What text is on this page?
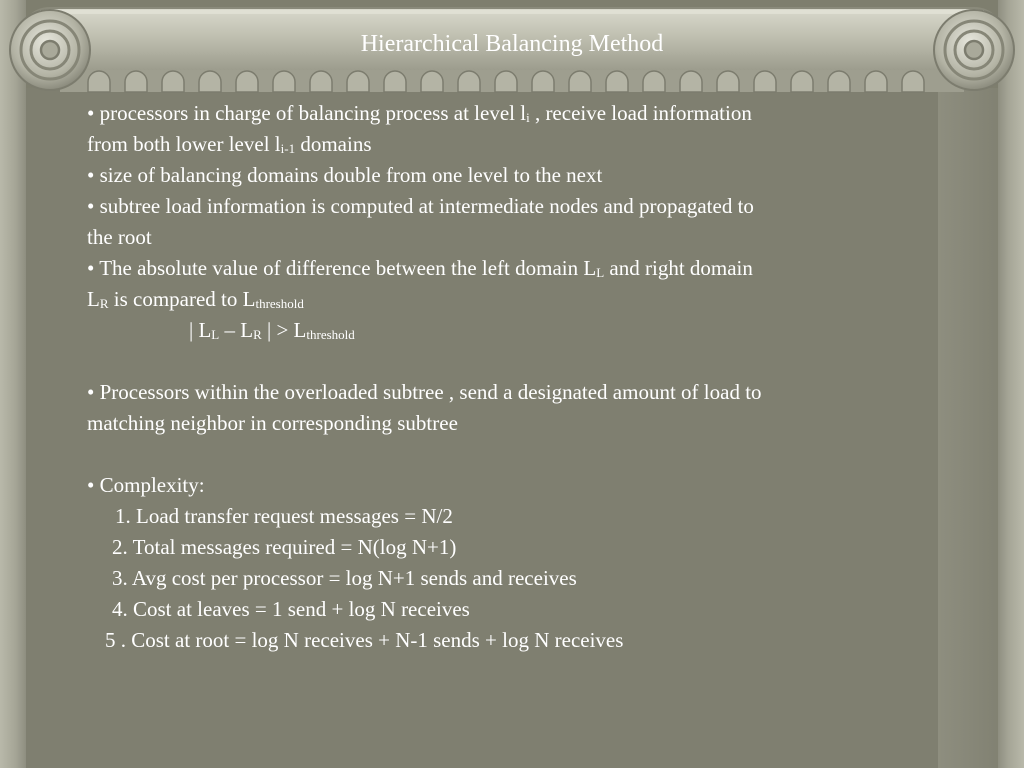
Hierarchical Balancing Method
• processors in charge of balancing process at level $l_i$ , receive load information
from both lower level $l_{i-1}$ domains
• size of balancing domains double from one level to the next
• subtree load information is computed at intermediate nodes and propagated to
the root
• The absolute value of difference between the left domain $L_L$ and right domain
$L_R$ is compared to $L_{threshold}$
| $L_L - L_R$ | > $L_{threshold}$
• Processors within the overloaded subtree , send a designated amount of load to
matching neighbor in corresponding subtree
• Complexity:
1. Load transfer request messages = N/2
2. Total messages required = N(log N+1)
3. Avg cost per processor = log N+1 sends and receives
4. Cost at leaves = 1 send + log N receives
5 . Cost at root = log N receives + N-1 sends + log N receives
